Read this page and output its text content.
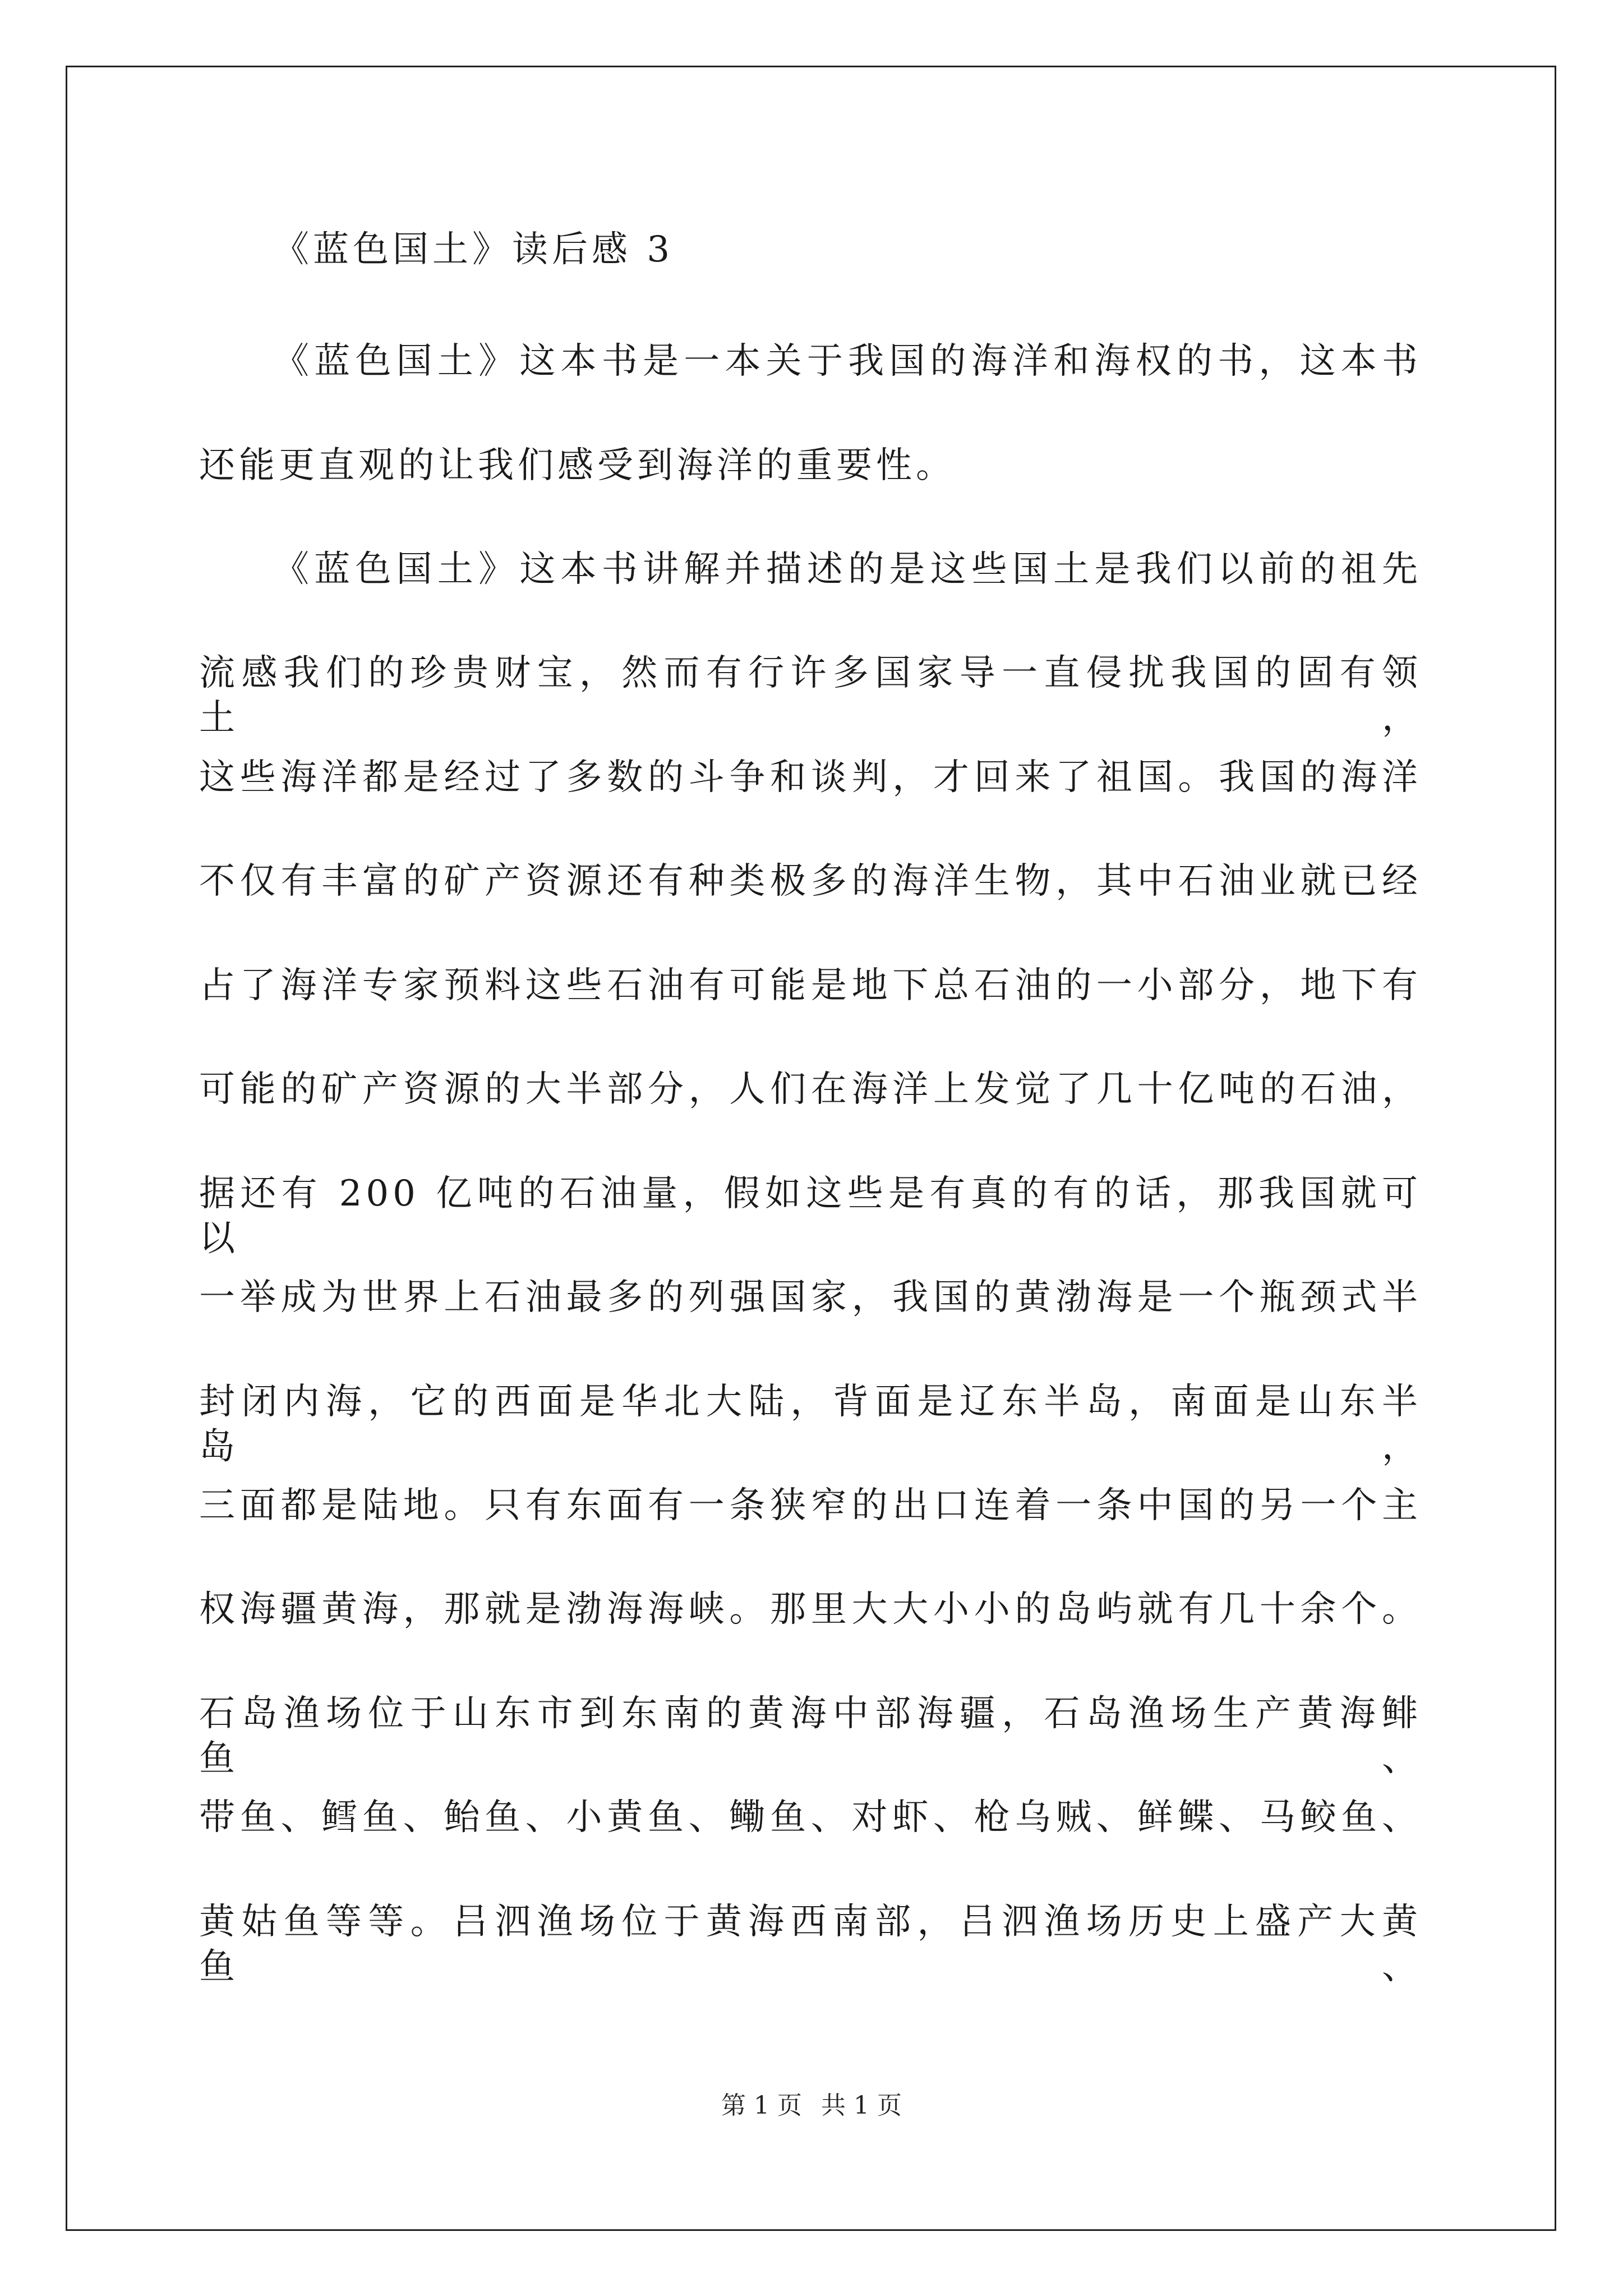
《蓝色国土》读后感 3
《蓝色国土》这本书是一本关于我国的海洋和海权的书，这本书
还能更直观的让我们感受到海洋的重要性。
《蓝色国土》这本书讲解并描述的是这些国土是我们以前的祖先
流感我们的珍贵财宝，然而有行许多国家导一直侵扰我国的固有领土，
这些海洋都是经过了多数的斗争和谈判，才回来了祖国。我国的海洋
不仅有丰富的矿产资源还有种类极多的海洋生物，其中石油业就已经
占了海洋专家预料这些石油有可能是地下总石油的一小部分，地下有
可能的矿产资源的大半部分，人们在海洋上发觉了几十亿吨的石油，
据还有 200 亿吨的石油量，假如这些是有真的有的话，那我国就可以
一举成为世界上石油最多的列强国家，我国的黄渤海是一个瓶颈式半
封闭内海，它的西面是华北大陆，背面是辽东半岛，南面是山东半岛，
三面都是陆地。只有东面有一条狭窄的出口连着一条中国的另一个主
权海疆黄海，那就是渤海海峡。那里大大小小的岛屿就有几十余个。
石岛渔场位于山东市到东南的黄海中部海疆，石岛渔场生产黄海鲱鱼、
带鱼、鳕鱼、鲐鱼、小黄鱼、鳓鱼、对虾、枪乌贼、鲜鲽、马鲛鱼、
黄姑鱼等等。吕泗渔场位于黄海西南部，吕泗渔场历史上盛产大黄鱼、
第 1 页 共 1 页
